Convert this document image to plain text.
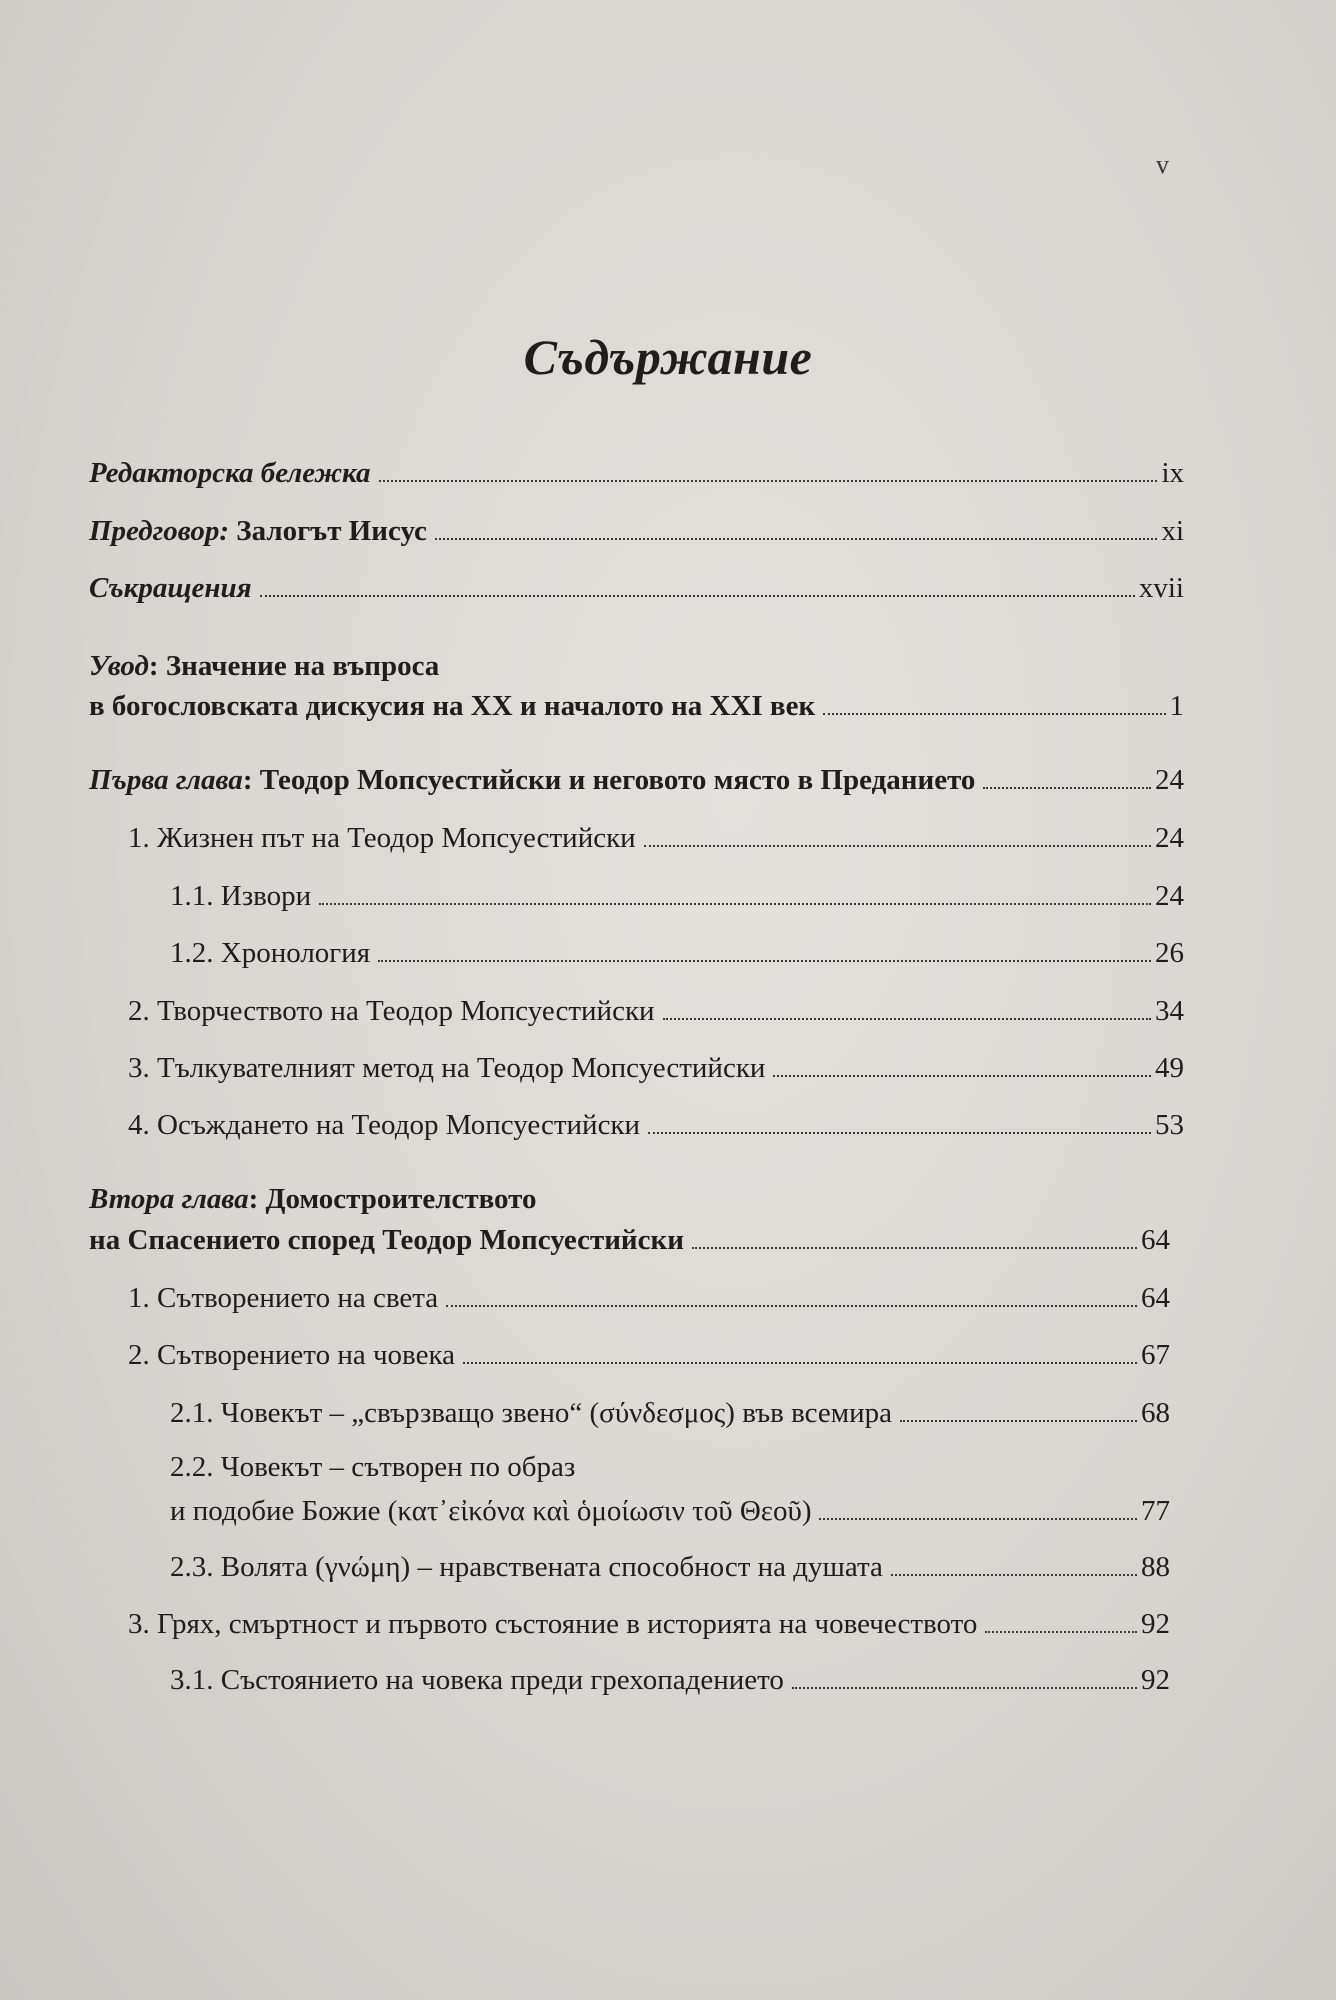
v
Съдържание
Редакторска бележка	ix
Предговор: Залогът Иисус	xi
Съкращения	xvii
Увод: Значение на въпроса
в богословската дискусия на XX и началото на XXI век	1
Първа глава : Теодор Мопсуестийски и неговото място в Преданието	24
1. Жизнен път на Теодор Мопсуестийски	24
1.1. Извори	24
1.2. Хронология	26
2. Творчеството на Теодор Мопсуестийски	34
3. Тълкувателният метод на Теодор Мопсуестийски	49
4. Осъждането на Теодор Мопсуестийски	53
Втора глава: Домостроителството
на Спасението според Теодор Мопсуестийски	64
1. Сътворението на света	64
2. Сътворението на човека	67
2.1. Човекът – „свързващо звено“ (σύνδεσμος) във всемира	68
2.2. Човекът – сътворен по образ
и подобие Божие (κατ᾽εἰκόνα καὶ ὁμοίωσιν τοῦ Θεοῦ)	77
2.3. Волята (γνώμη) – нравствената способност на душата	88
3. Грях, смъртност и първото състояние в историята на човечеството	92
3.1. Състоянието на човека преди грехопадението	92
